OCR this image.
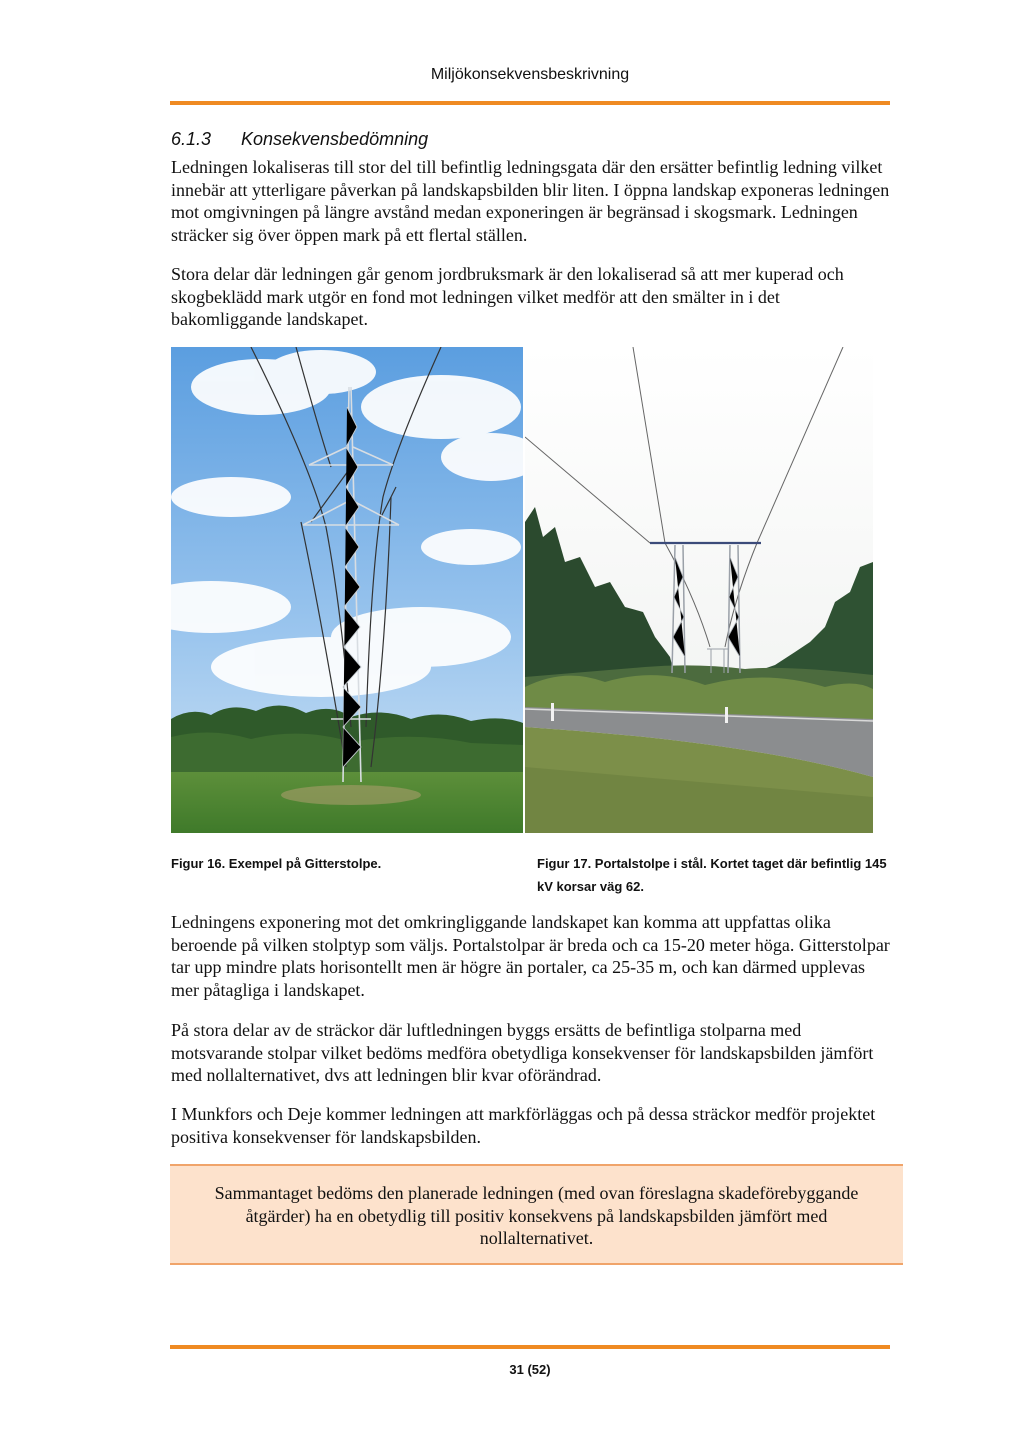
Miljökonsekvensbeskrivning
6.1.3 Konsekvensbedömning

Ledningen lokaliseras till stor del till befintlig ledningsgata där den ersätter befintlig ledning vilket innebär att ytterligare påverkan på landskapsbilden blir liten. I öppna landskap exponeras ledningen mot omgivningen på längre avstånd medan exponeringen är begränsad i skogsmark. Ledningen sträcker sig över öppen mark på ett flertal ställen.

Stora delar där ledningen går genom jordbruksmark är den lokaliserad så att mer kuperad och skogbeklädd mark utgör en fond mot ledningen vilket medför att den smälter in i det bakomliggande landskapet.

Figur 16. Exempel på Gitterstolpe.	Figur 17. Portalstolpe i stål. Kortet taget där befintlig 145 kV korsar väg 62.

Ledningens exponering mot det omkringliggande landskapet kan komma att uppfattas olika beroende på vilken stolptyp som väljs. Portalstolpar är breda och ca 15-20 meter höga. Gitterstolpar tar upp mindre plats horisontellt men är högre än portaler, ca 25-35 m, och kan därmed upplevas mer påtagliga i landskapet.

På stora delar av de sträckor där luftledningen byggs ersätts de befintliga stolparna med motsvarande stolpar vilket bedöms medföra obetydliga konsekvenser för landskapsbilden jämfört med nollalternativet, dvs att ledningen blir kvar oförändrad.

I Munkfors och Deje kommer ledningen att markförläggas och på dessa sträckor medför projektet positiva konsekvenser för landskapsbilden.

Sammantaget bedöms den planerade ledningen (med ovan föreslagna skadeförebyggande åtgärder) ha en obetydlig till positiv konsekvens på landskapsbilden jämfört med nollalternativet.

31 (52)
